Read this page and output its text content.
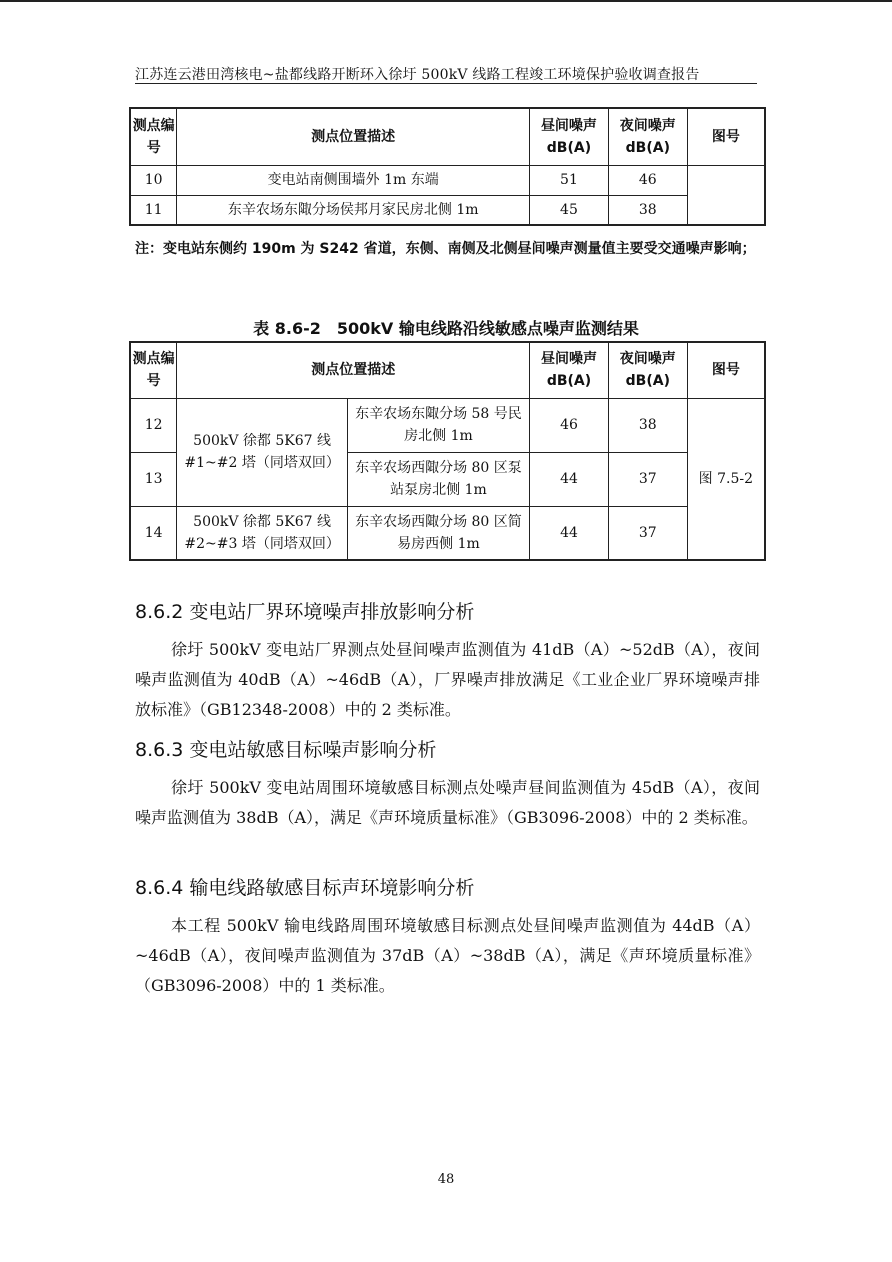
江苏连云港田湾核电~盐都线路开断环入徐圩 500kV 线路工程竣工环境保护验收调查报告
测点编号	测点位置描述	昼间噪声dB(A)	夜间噪声dB(A)	图号
10	变电站南侧围墙外 1m 东端	51	46	
11	东辛农场东陬分场侯邦月家民房北侧 1m	45	38	
注：变电站东侧约 190m 为 S242 省道，东侧、南侧及北侧昼间噪声测量值主要受交通噪声影响；
表 8.6-2　500kV 输电线路沿线敏感点噪声监测结果
测点编号	测点位置描述		昼间噪声dB(A)	夜间噪声dB(A)	图号
12	500kV 徐都 5K67 线 #1~#2 塔（同塔双回）	东辛农场东陬分场 58 号民房北侧 1m	46	38	图 7.5-2
13		东辛农场西陬分场 80 区泵站泵房北侧 1m	44	37	
14	500kV 徐都 5K67 线 #2~#3 塔（同塔双回）	东辛农场西陬分场 80 区简易房西侧 1m	44	37	
8.6.2 变电站厂界环境噪声排放影响分析
徐圩 500kV 变电站厂界测点处昼间噪声监测值为 41dB（A）~52dB（A），夜间噪声监测值为 40dB（A）~46dB（A），厂界噪声排放满足《工业企业厂界环境噪声排放标准》（GB12348-2008）中的 2 类标准。
8.6.3 变电站敏感目标噪声影响分析
徐圩 500kV 变电站周围环境敏感目标测点处噪声昼间监测值为 45dB（A），夜间噪声监测值为 38dB（A），满足《声环境质量标准》（GB3096-2008）中的 2 类标准。
8.6.4 输电线路敏感目标声环境影响分析
本工程 500kV 输电线路周围环境敏感目标测点处昼间噪声监测值为 44dB（A）~46dB（A），夜间噪声监测值为 37dB（A）~38dB（A），满足《声环境质量标准》（GB3096-2008）中的 1 类标准。
48
